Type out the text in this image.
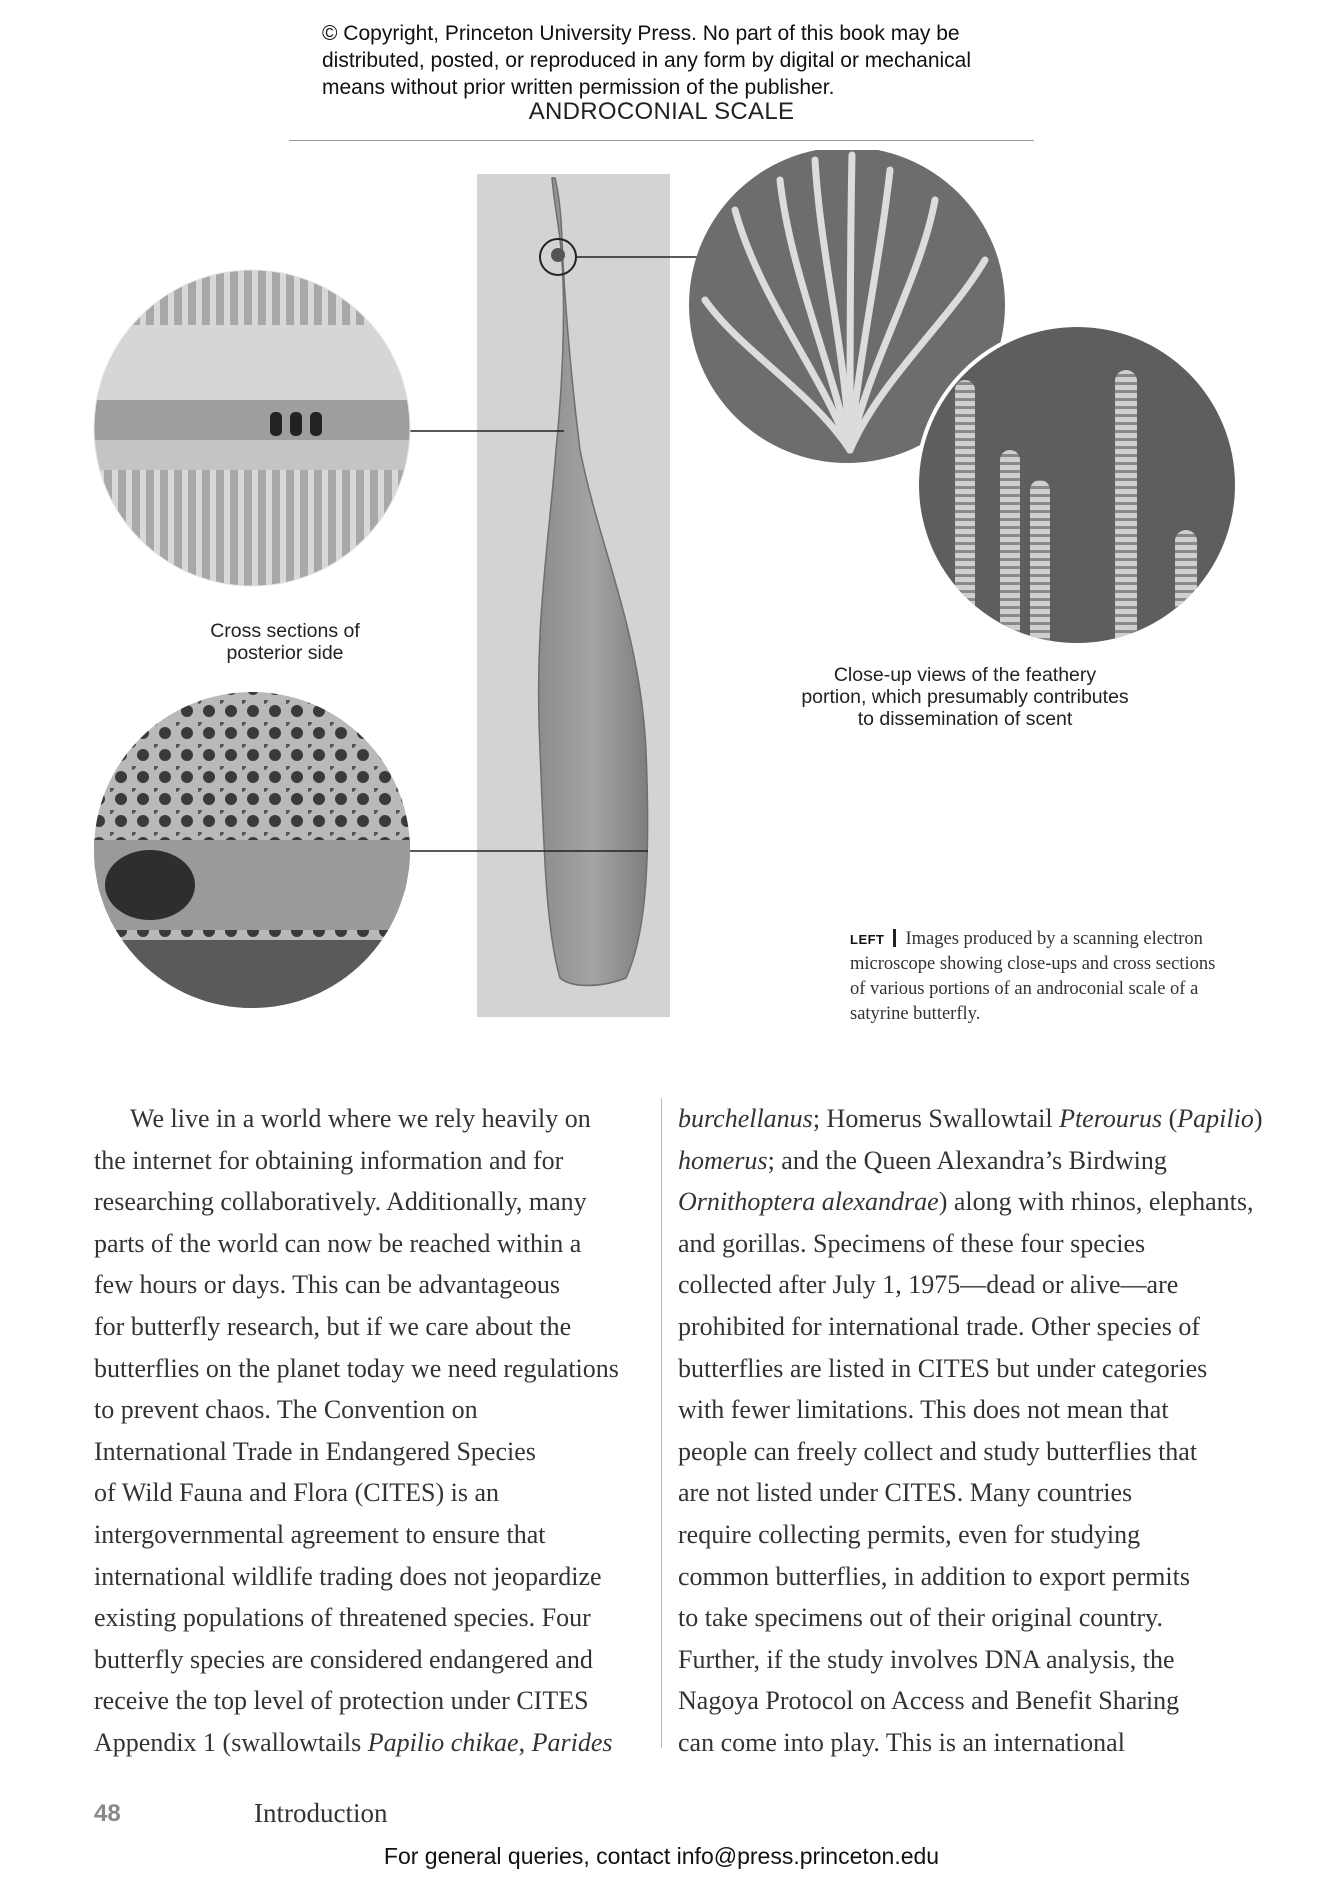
© Copyright, Princeton University Press. No part of this book may be
distributed, posted, or reproduced in any form by digital or mechanical
means without prior written permission of the publisher.
ANDROCONIAL SCALE
Cross sections of
posterior side
Close-up views of the feathery
portion, which presumably contributes
to dissemination of scent
LEFT Images produced by a scanning electron microscope showing close-ups and cross sections of various portions of an androconial scale of a satyrine butterfly.
We live in a world where we rely heavily on
the internet for obtaining information and for
researching collaboratively. Additionally, many
parts of the world can now be reached within a
few hours or days. This can be advantageous
for butterfly research, but if we care about the
butterflies on the planet today we need regulations
to prevent chaos. The Convention on
International Trade in Endangered Species
of Wild Fauna and Flora (CITES) is an
intergovernmental agreement to ensure that
international wildlife trading does not jeopardize
existing populations of threatened species. Four
butterfly species are considered endangered and
receive the top level of protection under CITES
Appendix 1 (swallowtails Papilio chikae, Parides
burchellanus; Homerus Swallowtail Pterourus (Papilio)
homerus; and the Queen Alexandra’s Birdwing
Ornithoptera alexandrae) along with rhinos, elephants,
and gorillas. Specimens of these four species
collected after July 1, 1975—dead or alive—are
prohibited for international trade. Other species of
butterflies are listed in CITES but under categories
with fewer limitations. This does not mean that
people can freely collect and study butterflies that
are not listed under CITES. Many countries
require collecting permits, even for studying
common butterflies, in addition to export permits
to take specimens out of their original country.
Further, if the study involves DNA analysis, the
Nagoya Protocol on Access and Benefit Sharing
can come into play. This is an international
48	Introduction
For general queries, contact info@press.princeton.edu
